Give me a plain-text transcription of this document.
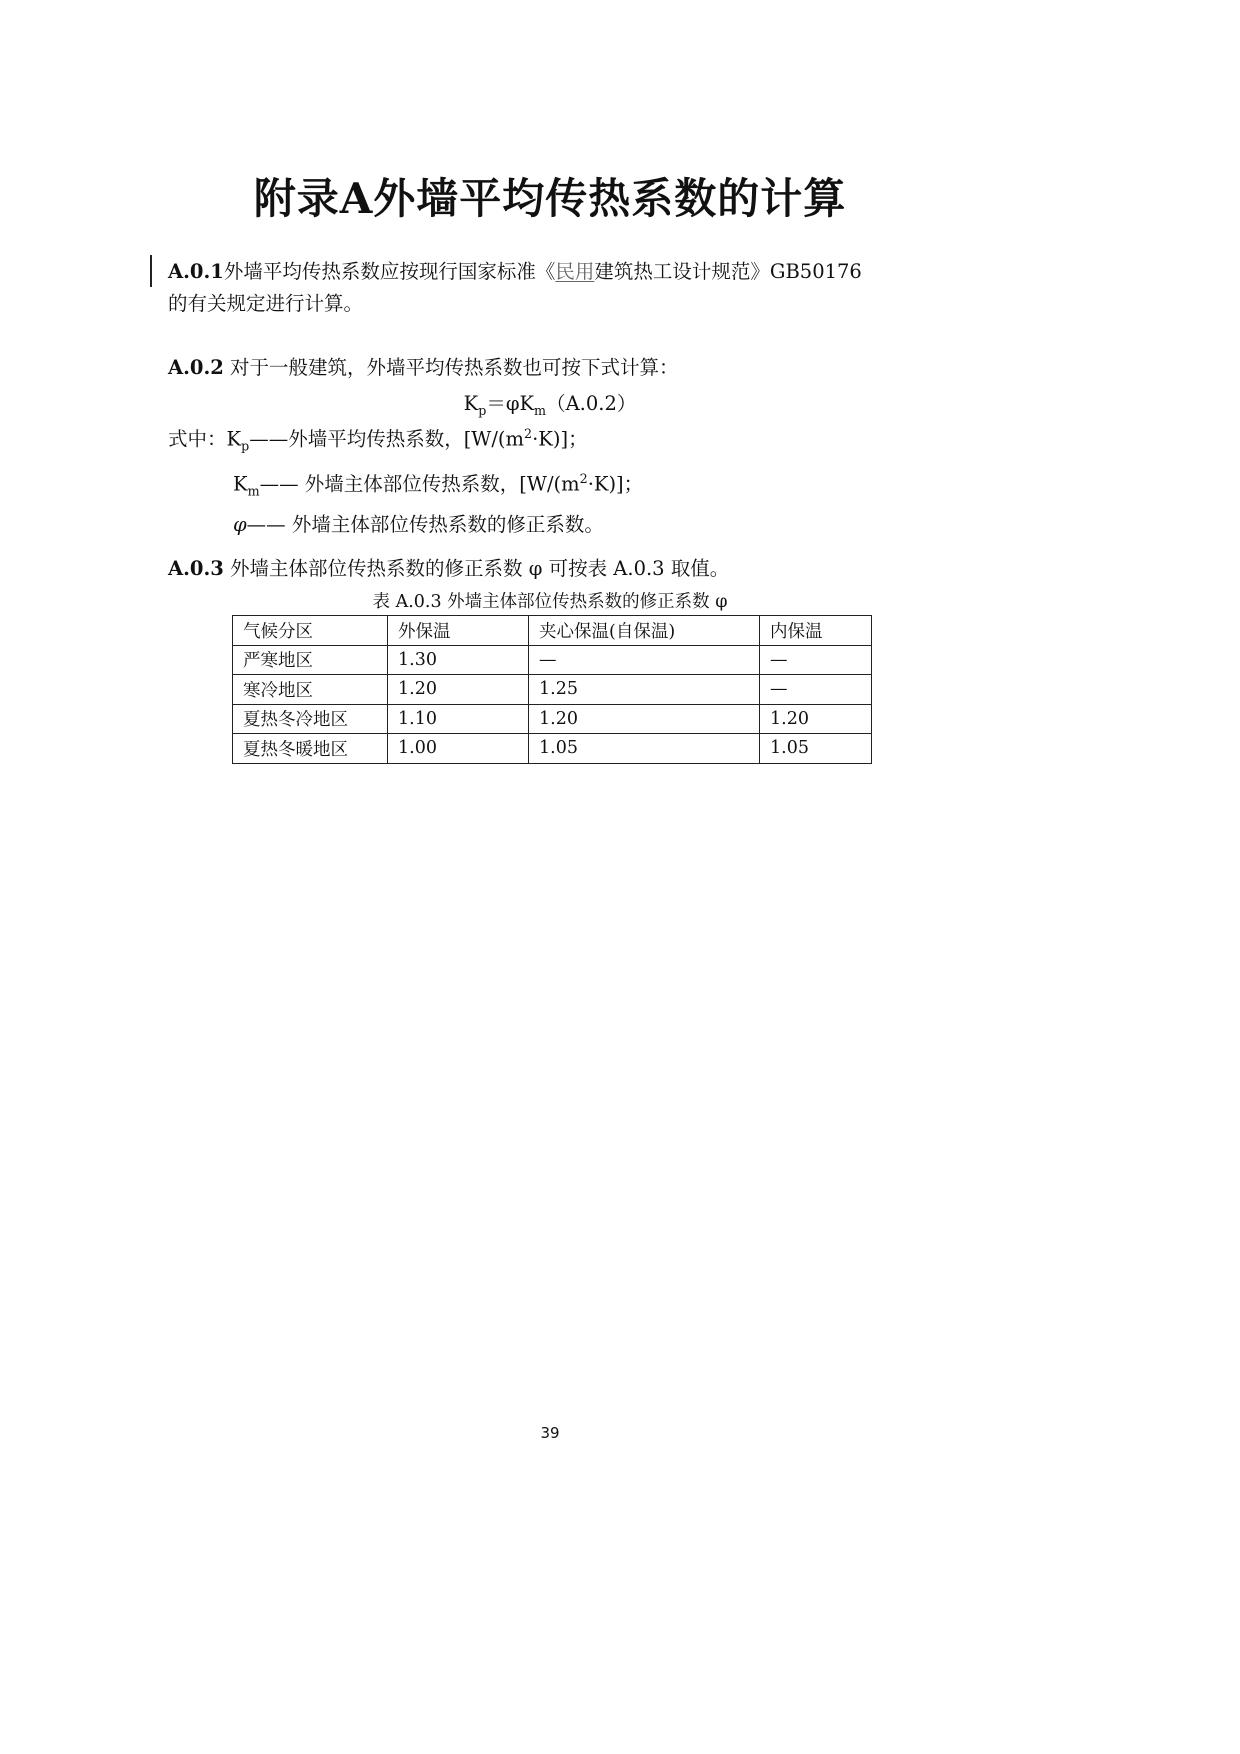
附录A外墙平均传热系数的计算
A.0.1外墙平均传热系数应按现行国家标准《民用建筑热工设计规范》GB50176
的有关规定进行计算。
A.0.2 对于一般建筑，外墙平均传热系数也可按下式计算：
$K_p=\varphi K_m(A.0.2)$
式中：$K_p——$外墙平均传热系数，$[W/(m^2\cdot K)]$；
$K_m——$ 外墙主体部位传热系数，$[W/(m^2\cdot K)]$；
φ—— 外墙主体部位传热系数的修正系数。
A.0.3 外墙主体部位传热系数的修正系数 φ 可按表 A.0.3 取值。
表 A.0.3 外墙主体部位传热系数的修正系数 φ
气候分区	外保温	夹心保温(自保温)	内保温
严寒地区	1.30	—	—
寒冷地区	1.20	1.25	—
夏热冬冷地区	1.10	1.20	1.20
夏热冬暖地区	1.00	1.05	1.05
39
